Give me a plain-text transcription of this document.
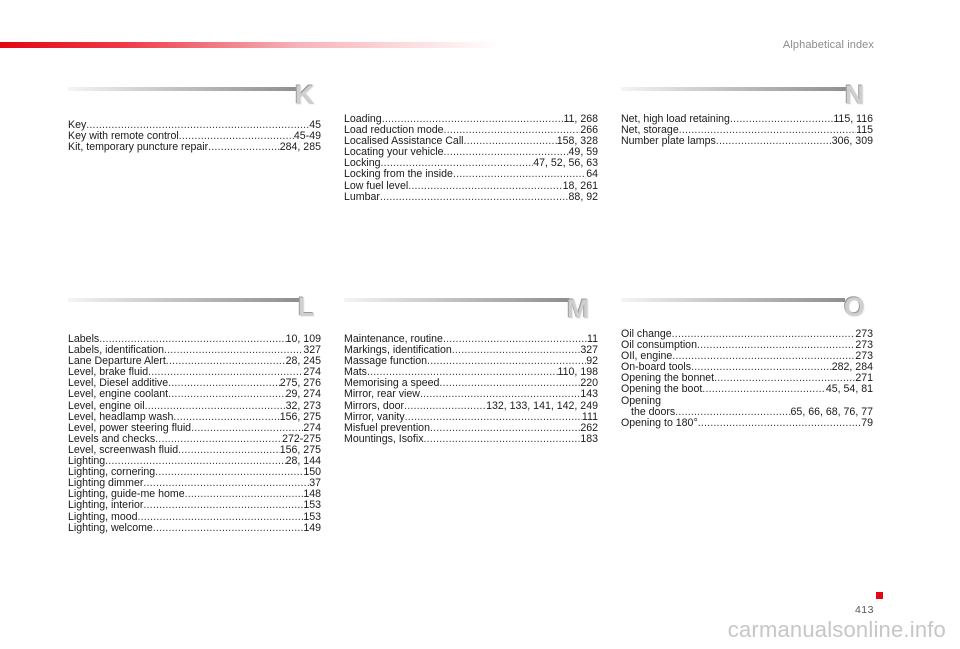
Alphabetical index
K
Key .....	45
Key with remote control .....	45-49
Kit, temporary puncture repair .....	284, 285
Loading .....	11, 268
Load reduction mode .....	266
Localised Assistance Call .....	158, 328
Locating your vehicle .....	49, 59
Locking .....	47, 52, 56, 63
Locking from the inside .....	64
Low fuel level .....	18, 261
Lumbar .....	88, 92
N
Net, high load retaining .....	115, 116
Net, storage .....	115
Number plate lamps .....	306, 309
L
Labels .....	10, 109
Labels, identification .....	327
Lane Departure Alert .....	28, 245
Level, brake fluid .....	274
Level, Diesel additive .....	275, 276
Level, engine coolant .....	29, 274
Level, engine oil .....	32, 273
Level, headlamp wash .....	156, 275
Level, power steering fluid .....	274
Levels and checks .....	272-275
Level, screenwash fluid .....	156, 275
Lighting .....	28, 144
Lighting, cornering .....	150
Lighting dimmer .....	37
Lighting, guide-me home .....	148
Lighting, interior .....	153
Lighting, mood .....	153
Lighting, welcome .....	149
M
Maintenance, routine .....	11
Markings, identification .....	327
Massage function .....	92
Mats .....	110, 198
Memorising a speed .....	220
Mirror, rear view .....	143
Mirrors, door .....	132, 133, 141, 142, 249
Mirror, vanity .....	111
Misfuel prevention .....	262
Mountings, Isofix .....	183
O
Oil change .....	273
Oil consumption .....	273
OIl, engine .....	273
On-board tools .....	282, 284
Opening the bonnet .....	271
Opening the boot .....	45, 54, 81
Opening
the doors .....	65, 66, 68, 76, 77
Opening to 180° .....	79
413
carmanualsonline.info
